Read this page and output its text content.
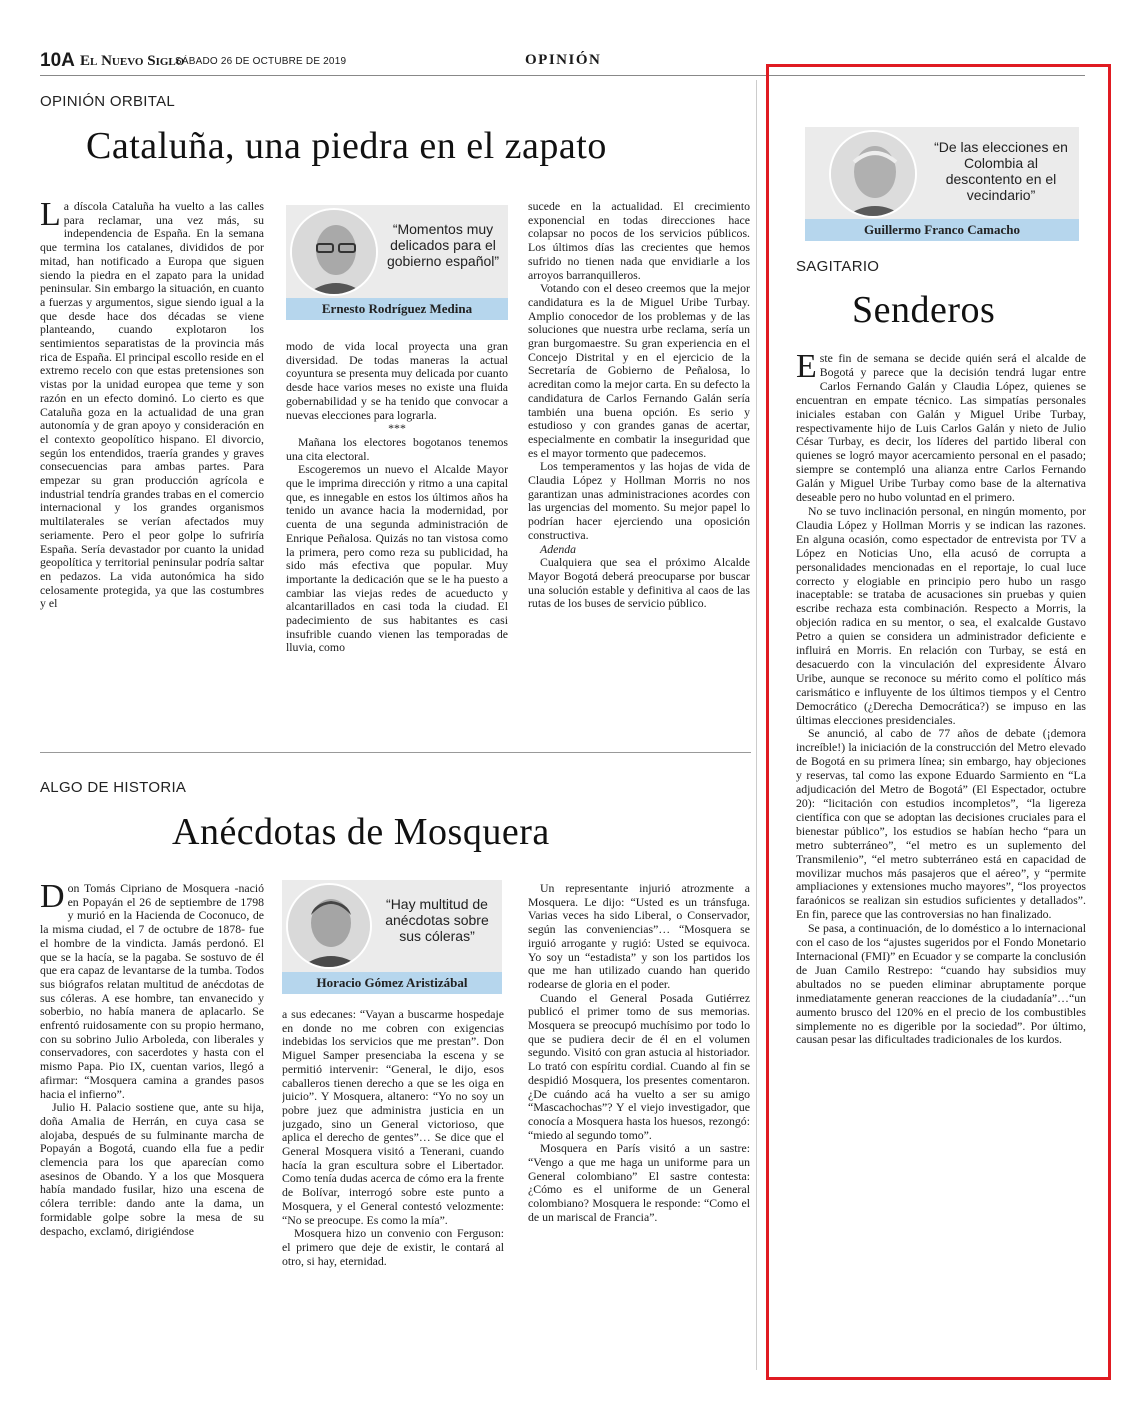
10A El Nuevo Siglo
SÁBADO 26 DE OCTUBRE DE 2019	OPINIÓN
OPINIÓN ORBITAL
Cataluña, una piedra en el zapato
L a díscola Cataluña ha vuelto a las calles para reclamar, una vez más, su independencia de España. En la semana que termina los catalanes, divididos de por mitad, han notificado a Europa que siguen siendo la piedra en el zapato para la unidad peninsular. Sin embargo la situación, en cuanto a fuerzas y argumentos, sigue siendo igual a la que desde hace dos décadas se viene planteando, cuando explotaron los sentimientos separatistas de la provincia más rica de España. El principal escollo reside en el extremo recelo con que estas pretensiones son vistas por la unidad europea que teme y son razón en un efecto dominó. Lo cierto es que Cataluña goza en la actualidad de una gran autonomía y de gran apoyo y consideración en el contexto geopolítico hispano. El divorcio, según los entendidos, traería grandes y graves consecuencias para ambas partes. Para empezar su gran producción agrícola e industrial tendría grandes trabas en el comercio internacional y los grandes organismos multilaterales se verían afectados muy seriamente. Pero el peor golpe lo sufriría España. Sería devastador por cuanto la unidad geopolítica y territorial peninsular podría saltar en pedazos. La vida autonómica ha sido celosamente protegida, ya que las costumbres y el

“Momentos muy delicados para el gobierno español”
Ernesto Rodríguez Medina

modo de vida local proyecta una gran diversidad. De todas maneras la actual coyuntura se presenta muy delicada por cuanto desde hace varios meses no existe una fluida gobernabilidad y se ha tenido que convocar a nuevas elecciones para lograrla.

***

Mañana los electores bogotanos tenemos una cita electoral.

Escogeremos un nuevo el Alcalde Mayor que le imprima dirección y ritmo a una capital que, es innegable en estos los últimos años ha tenido un avance hacia la modernidad, por cuenta de una segunda administración de Enrique Peñalosa. Quizás no tan vistosa como la primera, pero como reza su publicidad, ha sido más efectiva que popular. Muy importante la dedicación que se le ha puesto a cambiar las viejas redes de acueducto y alcantarillados en casi toda la ciudad. El padecimiento de sus habitantes es casi insufrible cuando vienen las temporadas de lluvia, como

sucede en la actualidad. El crecimiento exponencial en todas direcciones hace colapsar no pocos de los servicios públicos. Los últimos días las crecientes que hemos sufrido no tienen nada que envidiarle a los arroyos barranquilleros.

Votando con el deseo creemos que la mejor candidatura es la de Miguel Uribe Turbay. Amplio conocedor de los problemas y de las soluciones que nuestra urbe reclama, sería un gran burgomaestre. Su gran experiencia en el Concejo Distrital y en el ejercicio de la Secretaría de Gobierno de Peñalosa, lo acreditan como la mejor carta. En su defecto la candidatura de Carlos Fernando Galán sería también una buena opción. Es serio y estudioso y con grandes ganas de acertar, especialmente en combatir la inseguridad que es el mayor tormento que padecemos.

Los temperamentos y las hojas de vida de Claudia López y Hollman Morris no nos garantizan unas administraciones acordes con las urgencias del momento. Su mejor papel lo podrían hacer ejerciendo una oposición constructiva.

Adenda

Cualquiera que sea el próximo Alcalde Mayor Bogotá deberá preocuparse por buscar una solución estable y definitiva al caos de las rutas de los buses de servicio público.

ALGO DE HISTORIA
Anécdotas de Mosquera
D on Tomás Cipriano de Mosquera -nació en Popayán el 26 de septiembre de 1798 y murió en la Hacienda de Coconuco, de la misma ciudad, el 7 de octubre de 1878- fue el hombre de la vindicta. Jamás perdonó. El que se la hacía, se la pagaba. Se sostuvo de él que era capaz de levantarse de la tumba. Todos sus biógrafos relatan multitud de anécdotas de sus cóleras. A ese hombre, tan envanecido y soberbio, no había manera de aplacarlo. Se enfrentó ruidosamente con su propio hermano, con su sobrino Julio Arboleda, con liberales y conservadores, con sacerdotes y hasta con el mismo Papa. Pio IX, cuentan varios, llegó a afirmar: “Mosquera camina a grandes pasos hacia el infierno”.

Julio H. Palacio sostiene que, ante su hija, doña Amalia de Herrán, en cuya casa se alojaba, después de su fulminante marcha de Popayán a Bogotá, cuando ella fue a pedir clemencia para los que aparecían como asesinos de Obando. Y a los que Mosquera había mandado fusilar, hizo una escena de cólera terrible: dando ante la dama, un formidable golpe sobre la mesa de su despacho, exclamó, dirigiéndose

“Hay multitud de anécdotas sobre sus cóleras”
Horacio Gómez Aristizábal

a sus edecanes: “Vayan a buscarme hospedaje en donde no me cobren con exigencias indebidas los servicios que me prestan”. Don Miguel Samper presenciaba la escena y se permitió intervenir: “General, le dijo, esos caballeros tienen derecho a que se les oiga en juicio”. Y Mosquera, altanero: “Yo no soy un pobre juez que administra justicia en un juzgado, sino un General victorioso, que aplica el derecho de gentes”… Se dice que el General Mosquera visitó a Tenerani, cuando hacía la gran escultura sobre el Libertador. Como tenía dudas acerca de cómo era la frente de Bolívar, interrogó sobre este punto a Mosquera, y el General contestó velozmente: “No se preocupe. Es como la mía”.

Mosquera hizo un convenio con Ferguson: el primero que deje de existir, le contará al otro, si hay, eternidad.

Un representante injurió atrozmente a Mosquera. Le dijo: “Usted es un tránsfuga. Varias veces ha sido Liberal, o Conservador, según las conveniencias”… “Mosquera se irguió arrogante y rugió: Usted se equivoca. Yo soy un “estadista” y son los partidos los que me han utilizado cuando han querido rodearse de gloria en el poder.

Cuando el General Posada Gutiérrez publicó el primer tomo de sus memorias. Mosquera se preocupó muchísimo por todo lo que se pudiera decir de él en el volumen segundo. Visitó con gran astucia al historiador. Lo trató con espíritu cordial. Cuando al fin se despidió Mosquera, los presentes comentaron. ¿De cuándo acá ha vuelto a ser su amigo “Mascachochas”? Y el viejo investigador, que conocía a Mosquera hasta los huesos, rezongó: “miedo al segundo tomo”.

Mosquera en París visitó a un sastre: “Vengo a que me haga un uniforme para un General colombiano” El sastre contesta: ¿Cómo es el uniforme de un General colombiano? Mosquera le responde: “Como el de un mariscal de Francia”.

“De las elecciones en Colombia al descontento en el vecindario”
Guillermo Franco Camacho
SAGITARIO
Senderos
E ste fin de semana se decide quién será el alcalde de Bogotá y parece que la decisión tendrá lugar entre Carlos Fernando Galán y Claudia López, quienes se encuentran en empate técnico. Las simpatías personales iniciales estaban con Galán y Miguel Uribe Turbay, respectivamente hijo de Luis Carlos Galán y nieto de Julio César Turbay, es decir, los líderes del partido liberal con quienes se logró mayor acercamiento personal en el pasado; siempre se contempló una alianza entre Carlos Fernando Galán y Miguel Uribe Turbay como base de la alternativa deseable pero no hubo voluntad en el primero.

No se tuvo inclinación personal, en ningún momento, por Claudia López y Hollman Morris y se indican las razones. En alguna ocasión, como espectador de entrevista por TV a López en Noticias Uno, ella acusó de corrupta a personalidades mencionadas en el reportaje, lo cual luce correcto y elogiable en principio pero hubo un rasgo inaceptable: se trataba de acusaciones sin pruebas y quien escribe rechaza esta combinación. Respecto a Morris, la objeción radica en su mentor, o sea, el exalcalde Gustavo Petro a quien se considera un administrador deficiente e influirá en Morris. En relación con Turbay, se está en desacuerdo con la vinculación del expresidente Álvaro Uribe, aunque se reconoce su mérito como el político más carismático e influyente de los últimos tiempos y el Centro Democrático (¿Derecha Democrática?) se impuso en las últimas elecciones presidenciales.

Se anunció, al cabo de 77 años de debate (¡demora increíble!) la iniciación de la construcción del Metro elevado de Bogotá en su primera línea; sin embargo, hay objeciones y reservas, tal como las expone Eduardo Sarmiento en “La adjudicación del Metro de Bogotá” (El Espectador, octubre 20): “licitación con estudios incompletos”, “la ligereza científica con que se adoptan las decisiones cruciales para el bienestar público”, los estudios se habían hecho “para un metro subterráneo”, “el metro es un suplemento del Transmilenio”, “el metro subterráneo está en capacidad de movilizar muchos más pasajeros que el aéreo”, y “permite ampliaciones y extensiones mucho mayores”, “los proyectos faraónicos se realizan sin estudios suficientes y detallados”. En fin, parece que las controversias no han finalizado.

Se pasa, a continuación, de lo doméstico a lo internacional con el caso de los “ajustes sugeridos por el Fondo Monetario Internacional (FMI)” en Ecuador y se comparte la conclusión de Juan Camilo Restrepo: “cuando hay subsidios muy abultados no se pueden eliminar abruptamente porque inmediatamente generan reacciones de la ciudadanía”…“un aumento brusco del 120% en el precio de los combustibles simplemente no es digerible por la sociedad”. Por último, causan pesar las dificultades tradicionales de los kurdos.
